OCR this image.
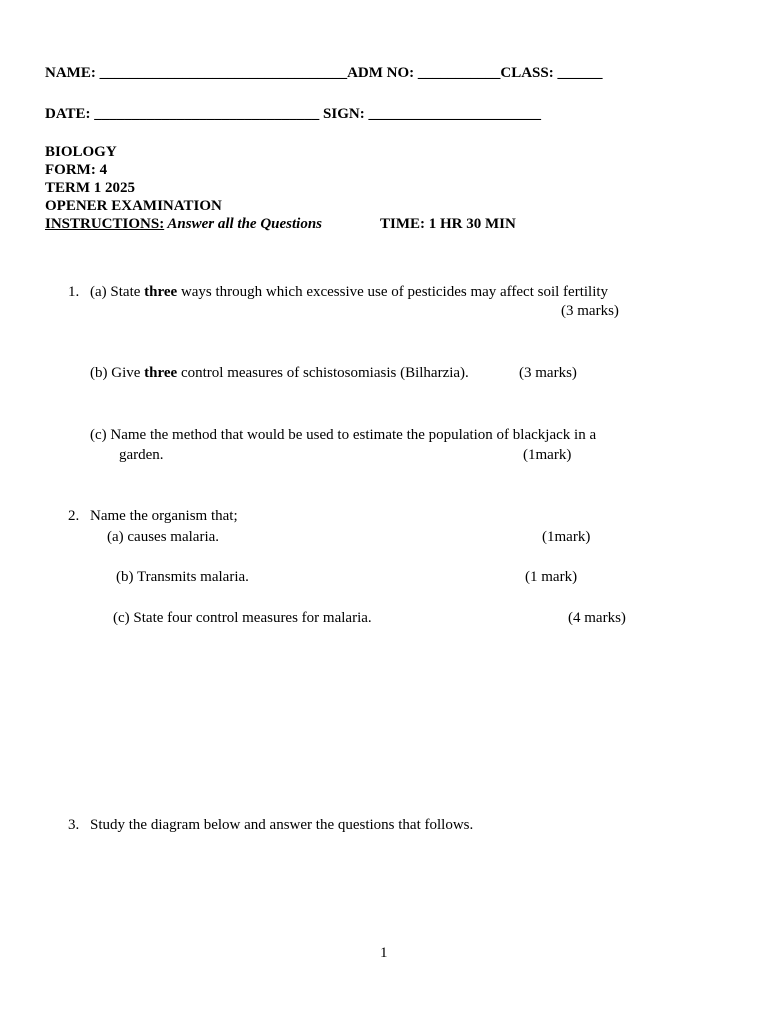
NAME: _________________________________ADM NO: ___________CLASS: ______
DATE: ______________________________ SIGN: _______________________
BIOLOGY
FORM: 4
TERM 1 2025
OPENER EXAMINATION
INSTRUCTIONS: Answer all the Questions	TIME: 1 HR 30 MIN
1. (a) State three ways through which excessive use of pesticides may affect soil fertility
(3 marks)
(b) Give three control measures of schistosomiasis (Bilharzia).	(3 marks)
(c) Name the method that would be used to estimate the population of blackjack in a
garden.	(1mark)
2. Name the organism that;
(a) causes malaria.	(1mark)
(b) Transmits malaria.	(1 mark)
(c) State four control measures for malaria.	(4 marks)
3. Study the diagram below and answer the questions that follows.
1
